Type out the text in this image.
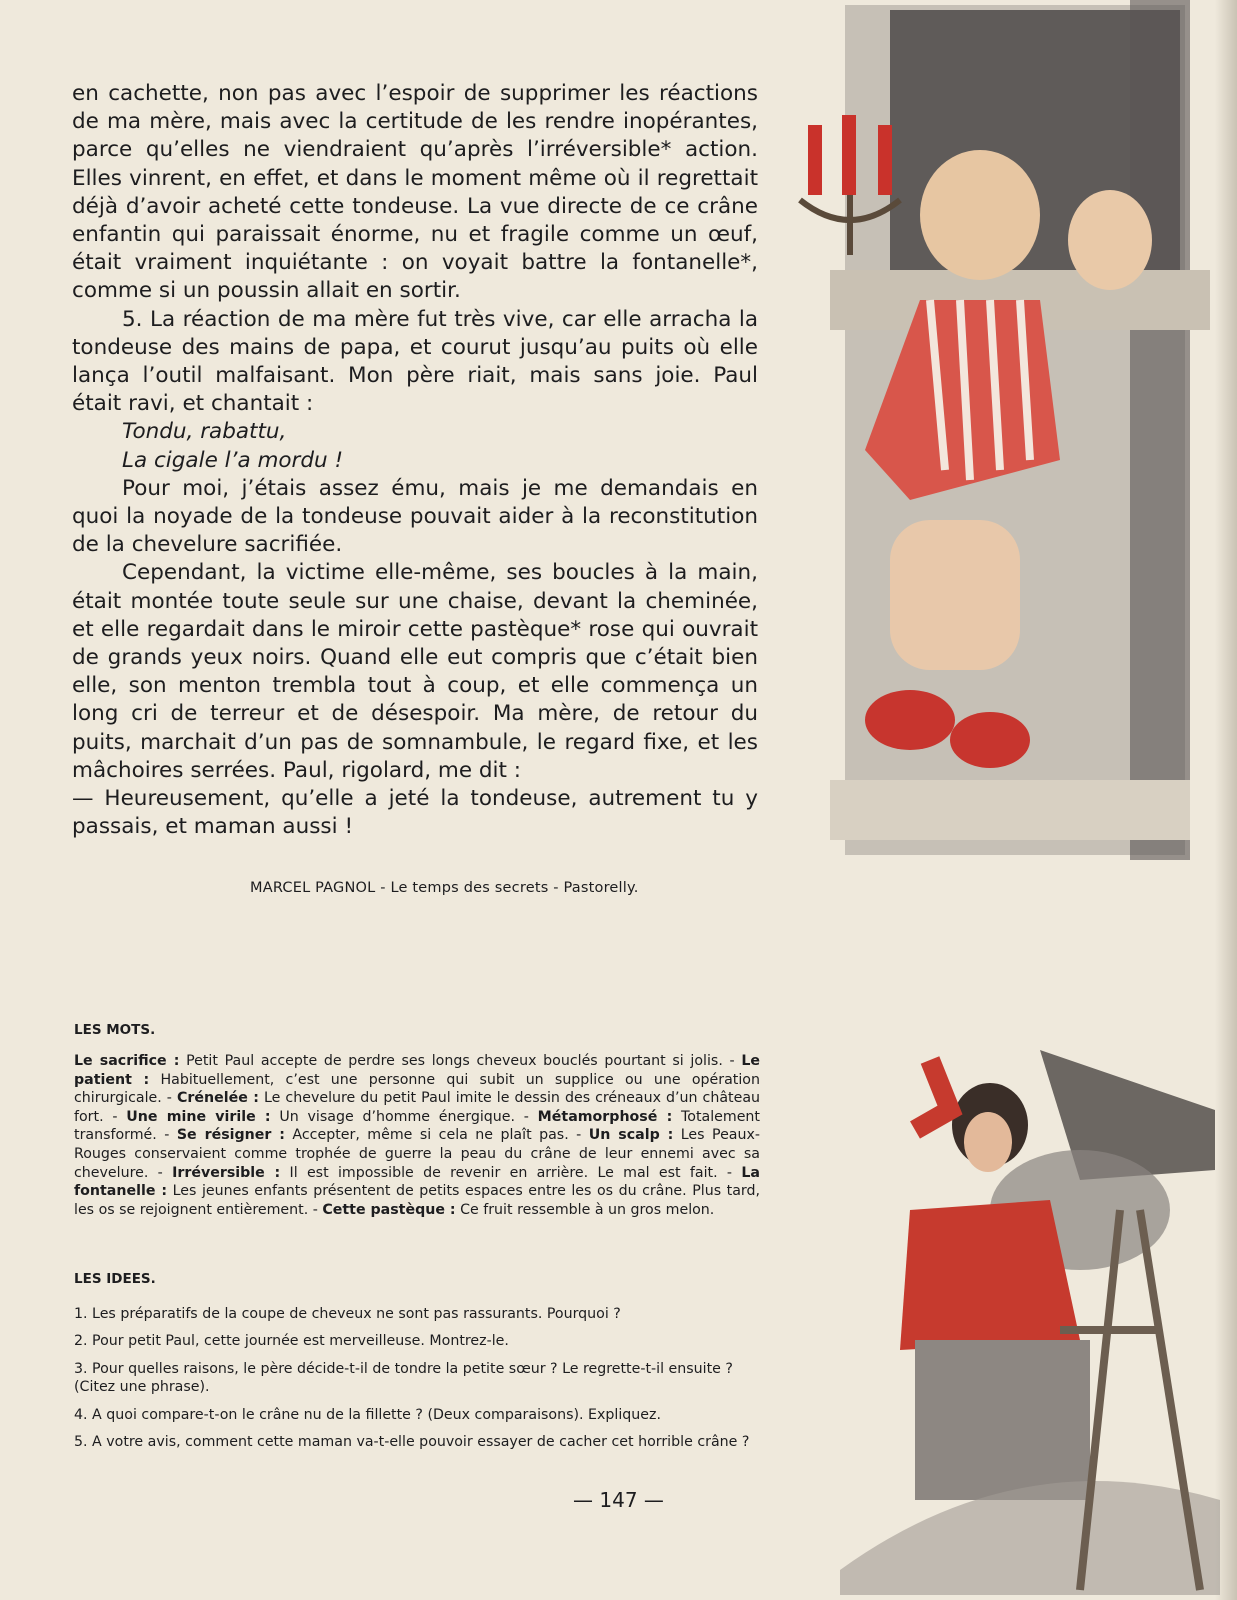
en cachette, non pas avec l’espoir de supprimer les réactions de ma mère, mais avec la certitude de les rendre inopérantes, parce qu’elles ne viendraient qu’après l’irréversible* action. Elles vinrent, en effet, et dans le moment même où il regrettait déjà d’avoir acheté cette tondeuse. La vue directe de ce crâne enfantin qui paraissait énorme, nu et fragile comme un œuf, était vraiment inquiétante : on voyait battre la fontanelle*, comme si un poussin allait en sortir.

5. La réaction de ma mère fut très vive, car elle arracha la tondeuse des mains de papa, et courut jusqu’au puits où elle lança l’outil malfaisant. Mon père riait, mais sans joie. Paul était ravi, et chantait :

Tondu, rabattu,

La cigale l’a mordu !

Pour moi, j’étais assez ému, mais je me demandais en quoi la noyade de la tondeuse pouvait aider à la reconstitution de la chevelure sacrifiée.

Cependant, la victime elle-même, ses boucles à la main, était montée toute seule sur une chaise, devant la cheminée, et elle regardait dans le miroir cette pastèque* rose qui ouvrait de grands yeux noirs. Quand elle eut compris que c’était bien elle, son menton trembla tout à coup, et elle commença un long cri de terreur et de désespoir. Ma mère, de retour du puits, marchait d’un pas de somnambule, le regard fixe, et les mâchoires serrées. Paul, rigolard, me dit :

— Heureusement, qu’elle a jeté la tondeuse, autrement tu y passais, et maman aussi !

MARCEL PAGNOL - Le temps des secrets - Pastorelly.
LES MOTS.
Le sacrifice : Petit Paul accepte de perdre ses longs cheveux bouclés pourtant si jolis. - Le patient : Habituellement, c’est une personne qui subit un supplice ou une opération chirurgicale. - Crénelée : Le chevelure du petit Paul imite le dessin des créneaux d’un château fort. - Une mine virile : Un visage d’homme énergique. - Métamorphosé : Totalement transformé. - Se résigner : Accepter, même si cela ne plaît pas. - Un scalp : Les Peaux-Rouges conservaient comme trophée de guerre la peau du crâne de leur ennemi avec sa chevelure. - Irréversible : Il est impossible de revenir en arrière. Le mal est fait. - La fontanelle : Les jeunes enfants présentent de petits espaces entre les os du crâne. Plus tard, les os se rejoignent entièrement. - Cette pastèque : Ce fruit ressemble à un gros melon.
LES IDEES.
1. Les préparatifs de la coupe de cheveux ne sont pas rassurants. Pourquoi ?
2. Pour petit Paul, cette journée est merveilleuse. Montrez-le.
3. Pour quelles raisons, le père décide-t-il de tondre la petite sœur ? Le regrette-t-il ensuite ? (Citez une phrase).
4. A quoi compare-t-on le crâne nu de la fillette ? (Deux comparaisons). Expliquez.
5. A votre avis, comment cette maman va-t-elle pouvoir essayer de cacher cet horrible crâne ?
— 147 —
